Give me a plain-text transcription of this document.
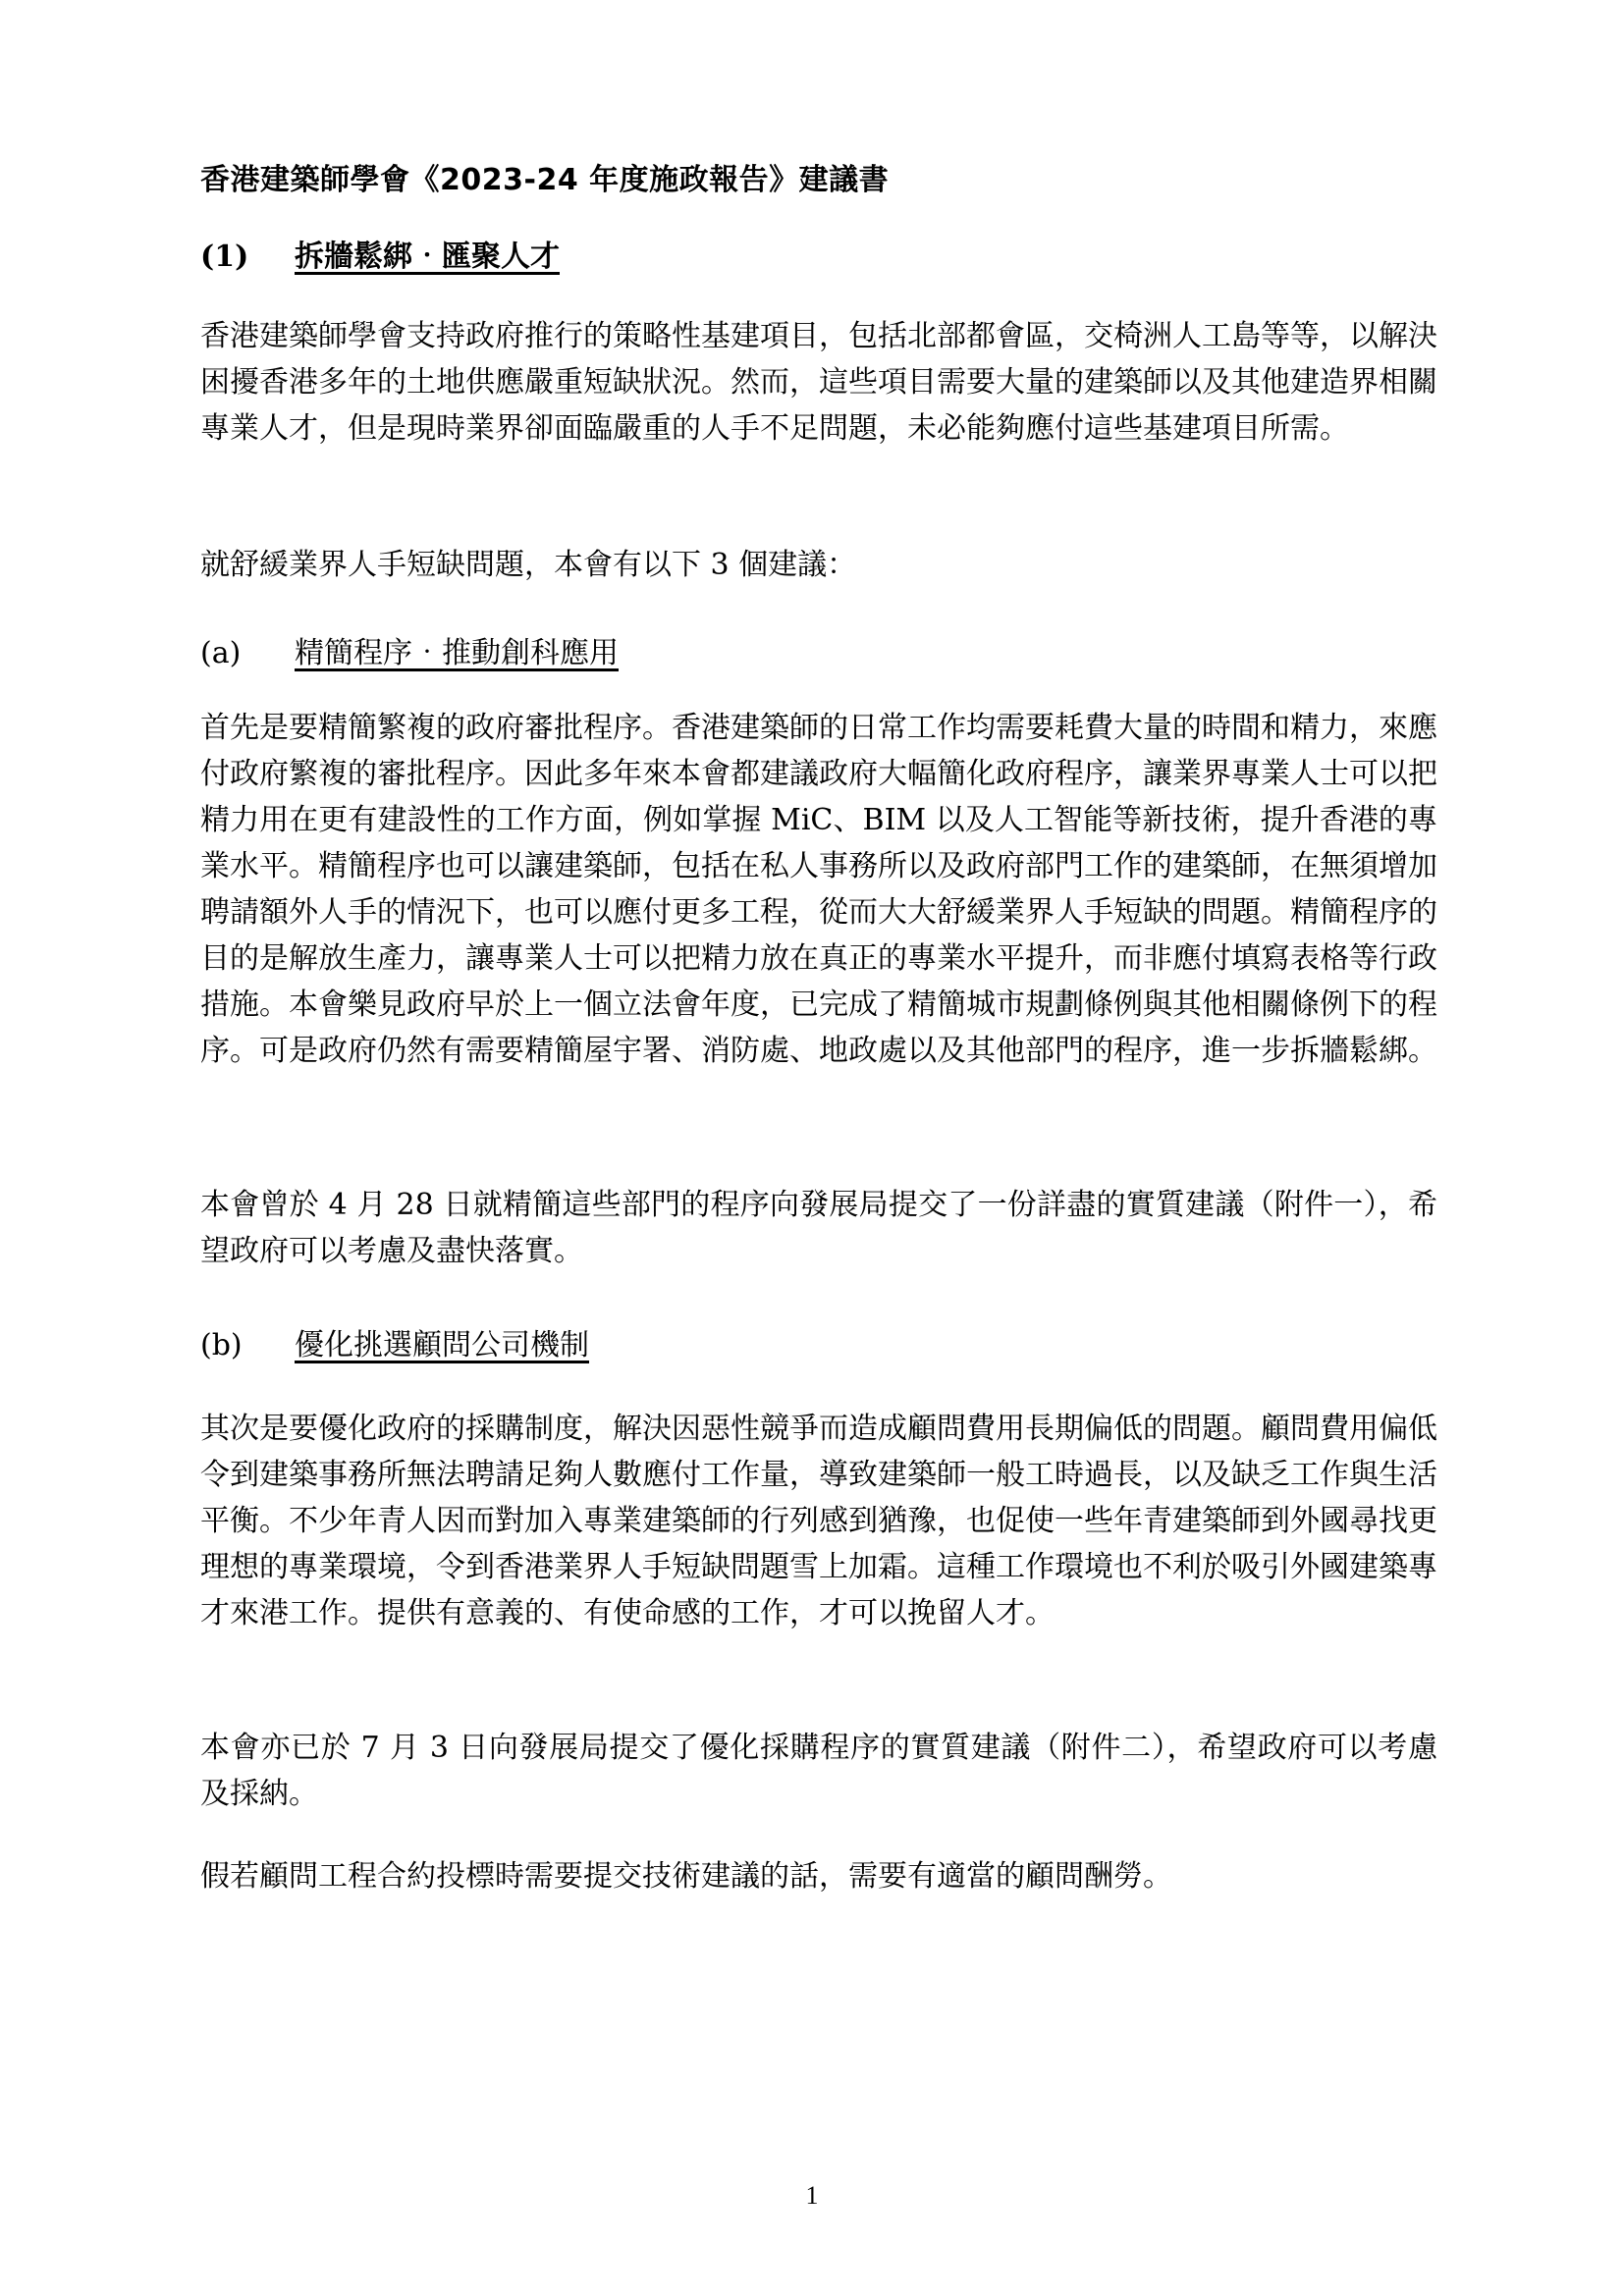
香港建築師學會《2023-24 年度施政報告》建議書
(1) 拆牆鬆綁‧匯聚人才
香港建築師學會支持政府推行的策略性基建項目，包括北部都會區，交椅洲人工島等等，以解決困擾香港多年的土地供應嚴重短缺狀況。然而，這些項目需要大量的建築師以及其他建造界相關專業人才，但是現時業界卻面臨嚴重的人手不足問題，未必能夠應付這些基建項目所需。
就舒緩業界人手短缺問題，本會有以下 3 個建議：
(a) 精簡程序‧推動創科應用
首先是要精簡繁複的政府審批程序。香港建築師的日常工作均需要耗費大量的時間和精力，來應付政府繁複的審批程序。因此多年來本會都建議政府大幅簡化政府程序，讓業界專業人士可以把精力用在更有建設性的工作方面，例如掌握 MiC、BIM 以及人工智能等新技術，提升香港的專業水平。精簡程序也可以讓建築師，包括在私人事務所以及政府部門工作的建築師，在無須增加聘請額外人手的情況下，也可以應付更多工程，從而大大舒緩業界人手短缺的問題。精簡程序的目的是解放生產力，讓專業人士可以把精力放在真正的專業水平提升，而非應付填寫表格等行政措施。本會樂見政府早於上一個立法會年度，已完成了精簡城市規劃條例與其他相關條例下的程序。可是政府仍然有需要精簡屋宇署、消防處、地政處以及其他部門的程序，進一步拆牆鬆綁。
本會曾於 4 月 28 日就精簡這些部門的程序向發展局提交了一份詳盡的實質建議（附件一），希望政府可以考慮及盡快落實。
(b) 優化挑選顧問公司機制
其次是要優化政府的採購制度，解決因惡性競爭而造成顧問費用長期偏低的問題。顧問費用偏低令到建築事務所無法聘請足夠人數應付工作量，導致建築師一般工時過長，以及缺乏工作與生活平衡。不少年青人因而對加入專業建築師的行列感到猶豫，也促使一些年青建築師到外國尋找更理想的專業環境，令到香港業界人手短缺問題雪上加霜。這種工作環境也不利於吸引外國建築專才來港工作。提供有意義的、有使命感的工作，才可以挽留人才。
本會亦已於 7 月 3 日向發展局提交了優化採購程序的實質建議（附件二），希望政府可以考慮及採納。
假若顧問工程合約投標時需要提交技術建議的話，需要有適當的顧問酬勞。
1
